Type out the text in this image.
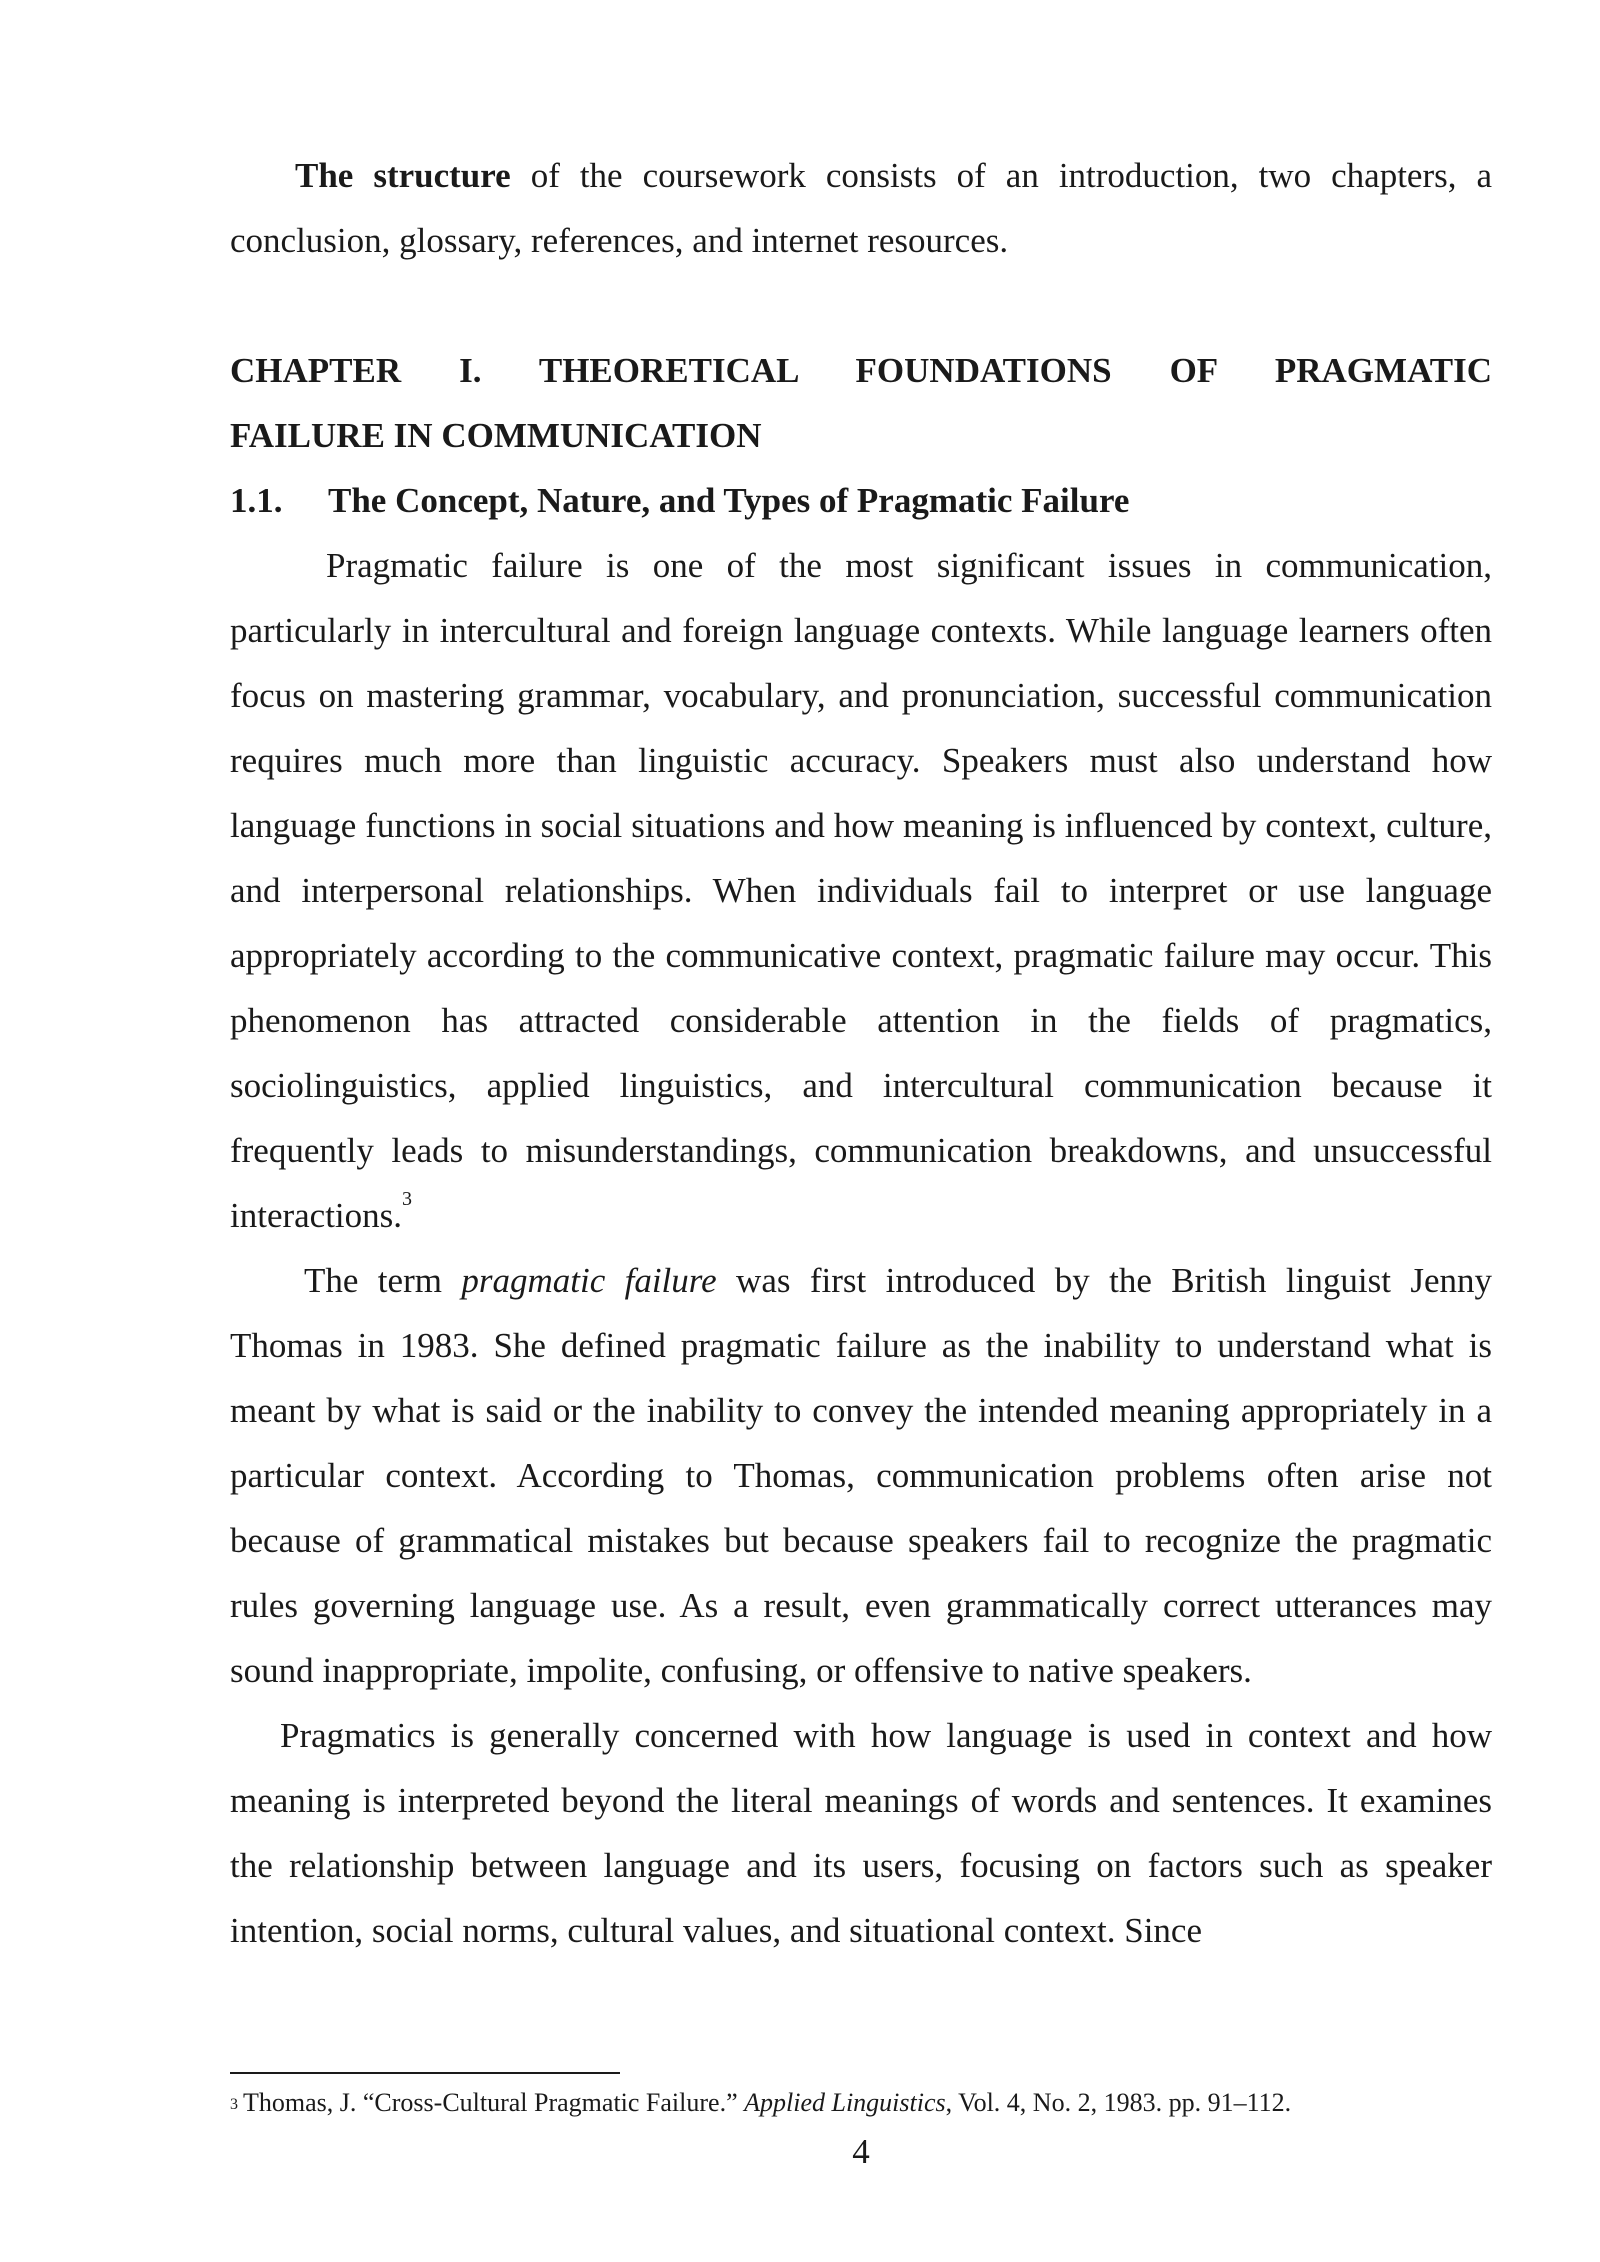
The structure of the coursework consists of an introduction, two chapters, a conclusion, glossary, references, and internet resources.
CHAPTER I. THEORETICAL FOUNDATIONS OF PRAGMATIC
FAILURE IN COMMUNICATION
1.1. The Concept, Nature, and Types of Pragmatic Failure

Pragmatic failure is one of the most significant issues in communication, particularly in intercultural and foreign language contexts. While language learners often focus on mastering grammar, vocabulary, and pronunciation, successful communication requires much more than linguistic accuracy. Speakers must also understand how language functions in social situations and how meaning is influenced by context, culture, and interpersonal relationships. When individuals fail to interpret or use language appropriately according to the communicative context, pragmatic failure may occur. This phenomenon has attracted considerable attention in the fields of pragmatics, sociolinguistics, applied linguistics, and intercultural communication because it frequently leads to misunderstandings, communication breakdowns, and unsuccessful interactions.$^3$

The term pragmatic failure was first introduced by the British linguist Jenny Thomas in 1983. She defined pragmatic failure as the inability to understand what is meant by what is said or the inability to convey the intended meaning appropriately in a particular context. According to Thomas, communication problems often arise not because of grammatical mistakes but because speakers fail to recognize the pragmatic rules governing language use. As a result, even grammatically correct utterances may sound inappropriate, impolite, confusing, or offensive to native speakers.

Pragmatics is generally concerned with how language is used in context and how meaning is interpreted beyond the literal meanings of words and sentences. It examines the relationship between language and its users, focusing on factors such as speaker intention, social norms, cultural values, and situational context. Since

$^3$ Thomas, J. “Cross-Cultural Pragmatic Failure.” Applied Linguistics, Vol. 4, No. 2, 1983. pp. 91–112.
4
